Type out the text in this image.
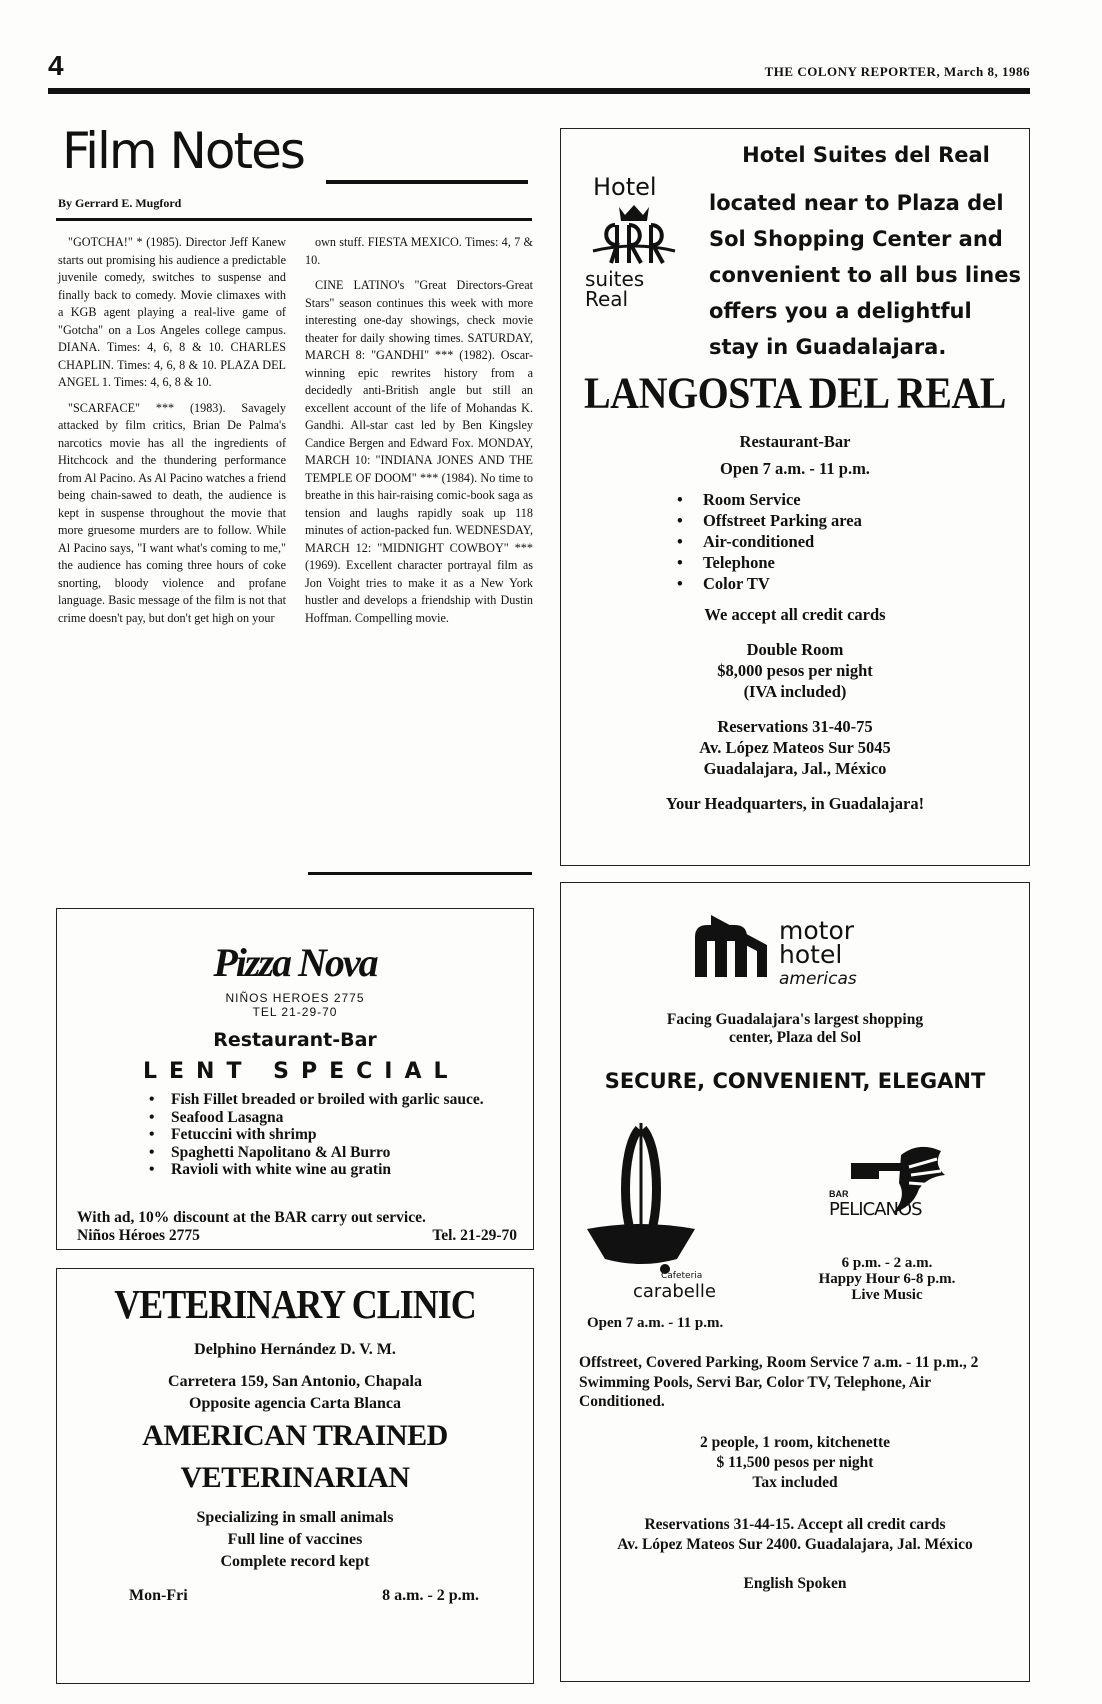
4	THE COLONY REPORTER, March 8, 1986
Film Notes
By Gerrard E. Mugford

"GOTCHA!" * (1985). Director Jeff Kanew starts out promising his audience a predictable juvenile comedy, switches to suspense and finally back to comedy. Movie climaxes with a KGB agent playing a real-live game of "Gotcha" on a Los Angeles college campus. DIANA. Times: 4, 6, 8 & 10. CHARLES CHAPLIN. Times: 4, 6, 8 & 10. PLAZA DEL ANGEL 1. Times: 4, 6, 8 & 10.

"SCARFACE" *** (1983). Savagely attacked by film critics, Brian De Palma's narcotics movie has all the ingredients of Hitchcock and the thundering performance from Al Pacino. As Al Pacino watches a friend being chain-sawed to death, the audience is kept in suspense throughout the movie that more gruesome murders are to follow. While Al Pacino says, "I want what's coming to me," the audience has coming three hours of coke snorting, bloody violence and profane language. Basic message of the film is not that crime doesn't pay, but don't get high on your

own stuff. FIESTA MEXICO. Times: 4, 7 & 10.

CINE LATINO's "Great Directors-Great Stars" season continues this week with more interesting one-day showings, check movie theater for daily showing times. SATURDAY, MARCH 8: "GANDHI" *** (1982). Oscar-winning epic rewrites history from a decidedly anti-British angle but still an excellent account of the life of Mohandas K. Gandhi. All-star cast led by Ben Kingsley Candice Bergen and Edward Fox. MONDAY, MARCH 10: "INDIANA JONES AND THE TEMPLE OF DOOM" *** (1984). No time to breathe in this hair-raising comic-book saga as tension and laughs rapidly soak up 118 minutes of action-packed fun. WEDNESDAY, MARCH 12: "MIDNIGHT COWBOY" *** (1969). Excellent character portrayal film as Jon Voight tries to make it as a New York hustler and develops a friendship with Dustin Hoffman. Compelling movie.

Hotel
suites
Real
Hotel Suites del Real
located near to Plaza del Sol Shopping Center and convenient to all bus lines offers you a delightful stay in Guadalajara.
LANGOSTA DEL REAL
Restaurant-Bar
Open 7 a.m. - 11 p.m.
• Room Service
• Offstreet Parking area
• Air-conditioned
• Telephone
• Color TV
We accept all credit cards
Double Room
$8,000 pesos per night
(IVA included)
Reservations 31-40-75
Av. López Mateos Sur 5045
Guadalajara, Jal., México
Your Headquarters, in Guadalajara!
Pizza Nova
NIÑOS HEROES 2775
TEL 21-29-70
Restaurant-Bar
LENT SPECIAL
• Fish Fillet breaded or broiled with garlic sauce.
• Seafood Lasagna
• Fetuccini with shrimp
• Spaghetti Napolitano & Al Burro
• Ravioli with white wine au gratin
With ad, 10% discount at the BAR carry out service.
Niños Héroes 2775	Tel. 21-29-70
VETERINARY CLINIC
Delphino Hernández D. V. M.
Carretera 159, San Antonio, Chapala
Opposite agencia Carta Blanca
AMERICAN TRAINED
VETERINARIAN
Specializing in small animals
Full line of vaccines
Complete record kept
Mon-Fri	8 a.m. - 2 p.m.
motor
hotel
americas
Facing Guadalajara's largest shopping
center, Plaza del Sol
SECURE, CONVENIENT, ELEGANT
Cafeteria
carabelle
BAR
PELICANOS
6 p.m. - 2 a.m.
Happy Hour 6-8 p.m.
Live Music
Open 7 a.m. - 11 p.m.
Offstreet, Covered Parking, Room Service 7 a.m. - 11 p.m., 2 Swimming Pools, Servi Bar, Color TV, Telephone, Air Conditioned.
2 people, 1 room, kitchenette
$ 11,500 pesos per night
Tax included
Reservations 31-44-15. Accept all credit cards
Av. López Mateos Sur 2400. Guadalajara, Jal. México
English Spoken
